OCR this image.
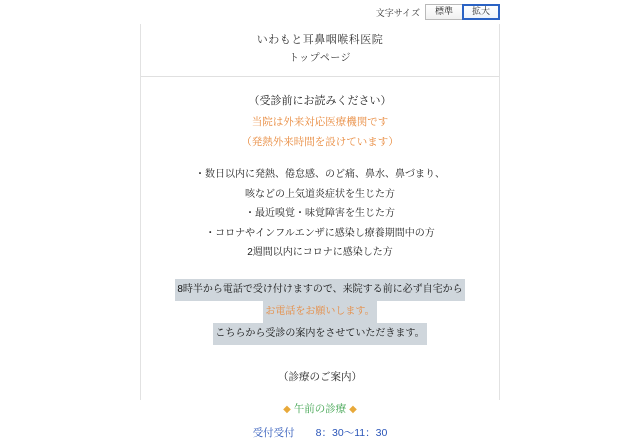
文字サイズ	標準	拡大
いわもと耳鼻咽喉科医院
トップページ
（受診前にお読みください）
当院は外来対応医療機関です
（発熱外来時間を設けています）
・数日以内に発熱、倦怠感、のど痛、鼻水、鼻づまり、
咳などの上気道炎症状を生じた方
・最近嗅覚・味覚障害を生じた方
・コロナやインフルエンザに感染し療養期間中の方
2週間以内にコロナに感染した方
8時半から電話で受け付けますので、来院する前に必ず自宅から
お電話をお願いします。
こちらから受診の案内をさせていただきます。
（診療のご案内）
◆ 午前の診療 ◆
受付受付　　8：30～11：30
